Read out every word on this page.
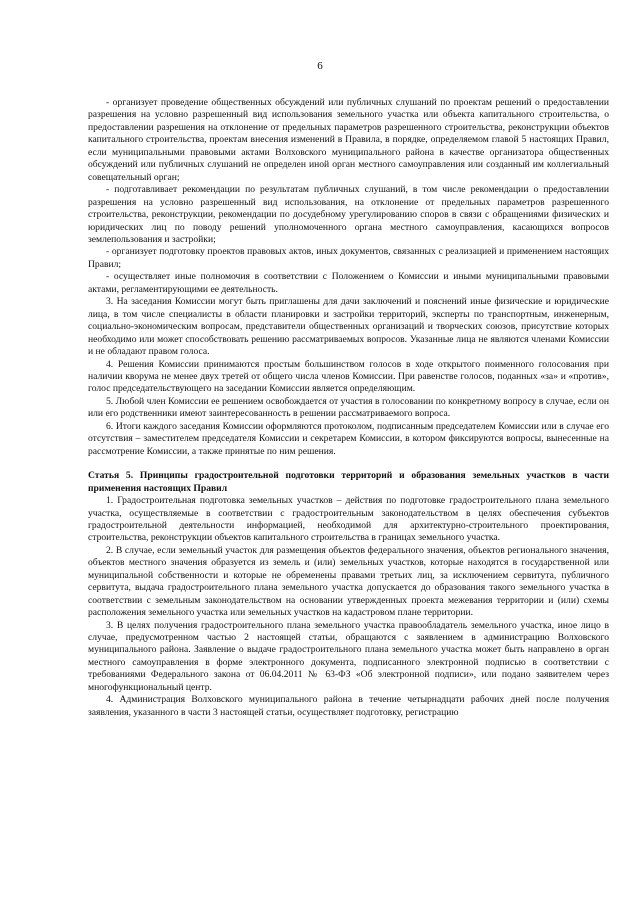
6

- организует проведение общественных обсуждений или публичных слушаний по проектам решений о предоставлении разрешения на условно разрешенный вид использования земельного участка или объекта капитального строительства, о предоставлении разрешения на отклонение от предельных параметров разрешенного строительства, реконструкции объектов капитального строительства, проектам внесения изменений в Правила, в порядке, определяемом главой 5 настоящих Правил, если муниципальными правовыми актами Волховского муниципального района в качестве организатора общественных обсуждений или публичных слушаний не определен иной орган местного самоуправления или созданный им коллегиальный совещательный орган;

- подготавливает рекомендации по результатам публичных слушаний, в том числе рекомендации о предоставлении разрешения на условно разрешенный вид использования, на отклонение от предельных параметров разрешенного строительства, реконструкции, рекомендации по досудебному урегулированию споров в связи с обращениями физических и юридических лиц по поводу решений уполномоченного органа местного самоуправления, касающихся вопросов землепользования и застройки;

- организует подготовку проектов правовых актов, иных документов, связанных с реализацией и применением настоящих Правил;

- осуществляет иные полномочия в соответствии с Положением о Комиссии и иными муниципальными правовыми актами, регламентирующими ее деятельность.

3. На заседания Комиссии могут быть приглашены для дачи заключений и пояснений иные физические и юридические лица, в том числе специалисты в области планировки и застройки территорий, эксперты по транспортным, инженерным, социально-экономическим вопросам, представители общественных организаций и творческих союзов, присутствие которых необходимо или может способствовать решению рассматриваемых вопросов. Указанные лица не являются членами Комиссии и не обладают правом голоса.

4. Решения Комиссии принимаются простым большинством голосов в ходе открытого поименного голосования при наличии кворума не менее двух третей от общего числа членов Комиссии. При равенстве голосов, поданных «за» и «против», голос председательствующего на заседании Комиссии является определяющим.

5. Любой член Комиссии ее решением освобождается от участия в голосовании по конкретному вопросу в случае, если он или его родственники имеют заинтересованность в решении рассматриваемого вопроса.

6. Итоги каждого заседания Комиссии оформляются протоколом, подписанным председателем Комиссии или в случае его отсутствия – заместителем председателя Комиссии и секретарем Комиссии, в котором фиксируются вопросы, вынесенные на рассмотрение Комиссии, а также принятые по ним решения.

Статья 5. Принципы градостроительной подготовки территорий и образования земельных участков в части применения настоящих Правил

1. Градостроительная подготовка земельных участков – действия по подготовке градостроительного плана земельного участка, осуществляемые в соответствии с градостроительным законодательством в целях обеспечения субъектов градостроительной деятельности информацией, необходимой для архитектурно-строительного проектирования, строительства, реконструкции объектов капитального строительства в границах земельного участка.

2. В случае, если земельный участок для размещения объектов федерального значения, объектов регионального значения, объектов местного значения образуется из земель и (или) земельных участков, которые находятся в государственной или муниципальной собственности и которые не обременены правами третьих лиц, за исключением сервитута, публичного сервитута, выдача градостроительного плана земельного участка допускается до образования такого земельного участка в соответствии с земельным законодательством на основании утвержденных проекта межевания территории и (или) схемы расположения земельного участка или земельных участков на кадастровом плане территории.

3. В целях получения градостроительного плана земельного участка правообладатель земельного участка, иное лицо в случае, предусмотренном частью 2 настоящей статьи, обращаются с заявлением в администрацию Волховского муниципального района. Заявление о выдаче градостроительного плана земельного участка может быть направлено в орган местного самоуправления в форме электронного документа, подписанного электронной подписью в соответствии с требованиями Федерального закона от 06.04.2011 № 63-ФЗ «Об электронной подписи», или подано заявителем через многофункциональный центр.

4. Администрация Волховского муниципального района в течение четырнадцати рабочих дней после получения заявления, указанного в части 3 настоящей статьи, осуществляет подготовку, регистрацию
